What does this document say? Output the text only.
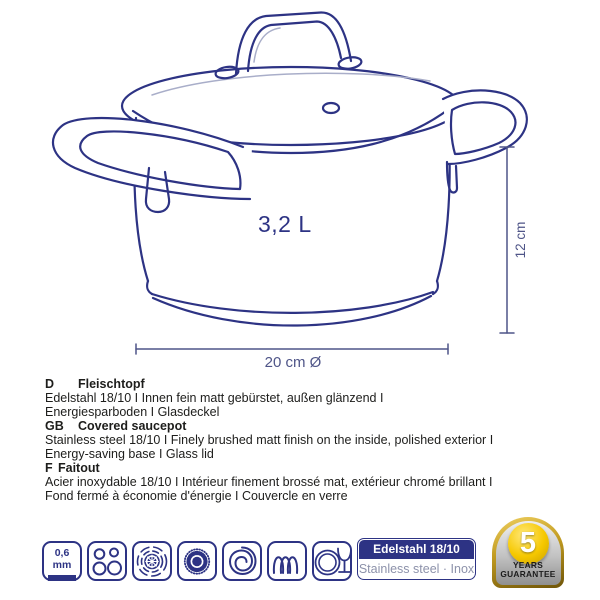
3,2 L	12 cm
20 cm Ø
D Fleischtopf
Edelstahl 18/10 I Innen fein matt gebürstet, außen glänzend I
Energiesparboden I Glasdeckel
GB Covered saucepot
Stainless steel 18/10 I Finely brushed matt finish on the inside, polished exterior I
Energy-saving base I Glass lid
F Faitout
Acier inoxydable 18/10 I Intérieur finement brossé mat, extérieur chromé brillant I
Fond fermé à économie d'énergie I Couvercle en verre
0,6 mm
Edelstahl 18/10
Stainless steel · Inox
5
YEARS
GUARANTEE
